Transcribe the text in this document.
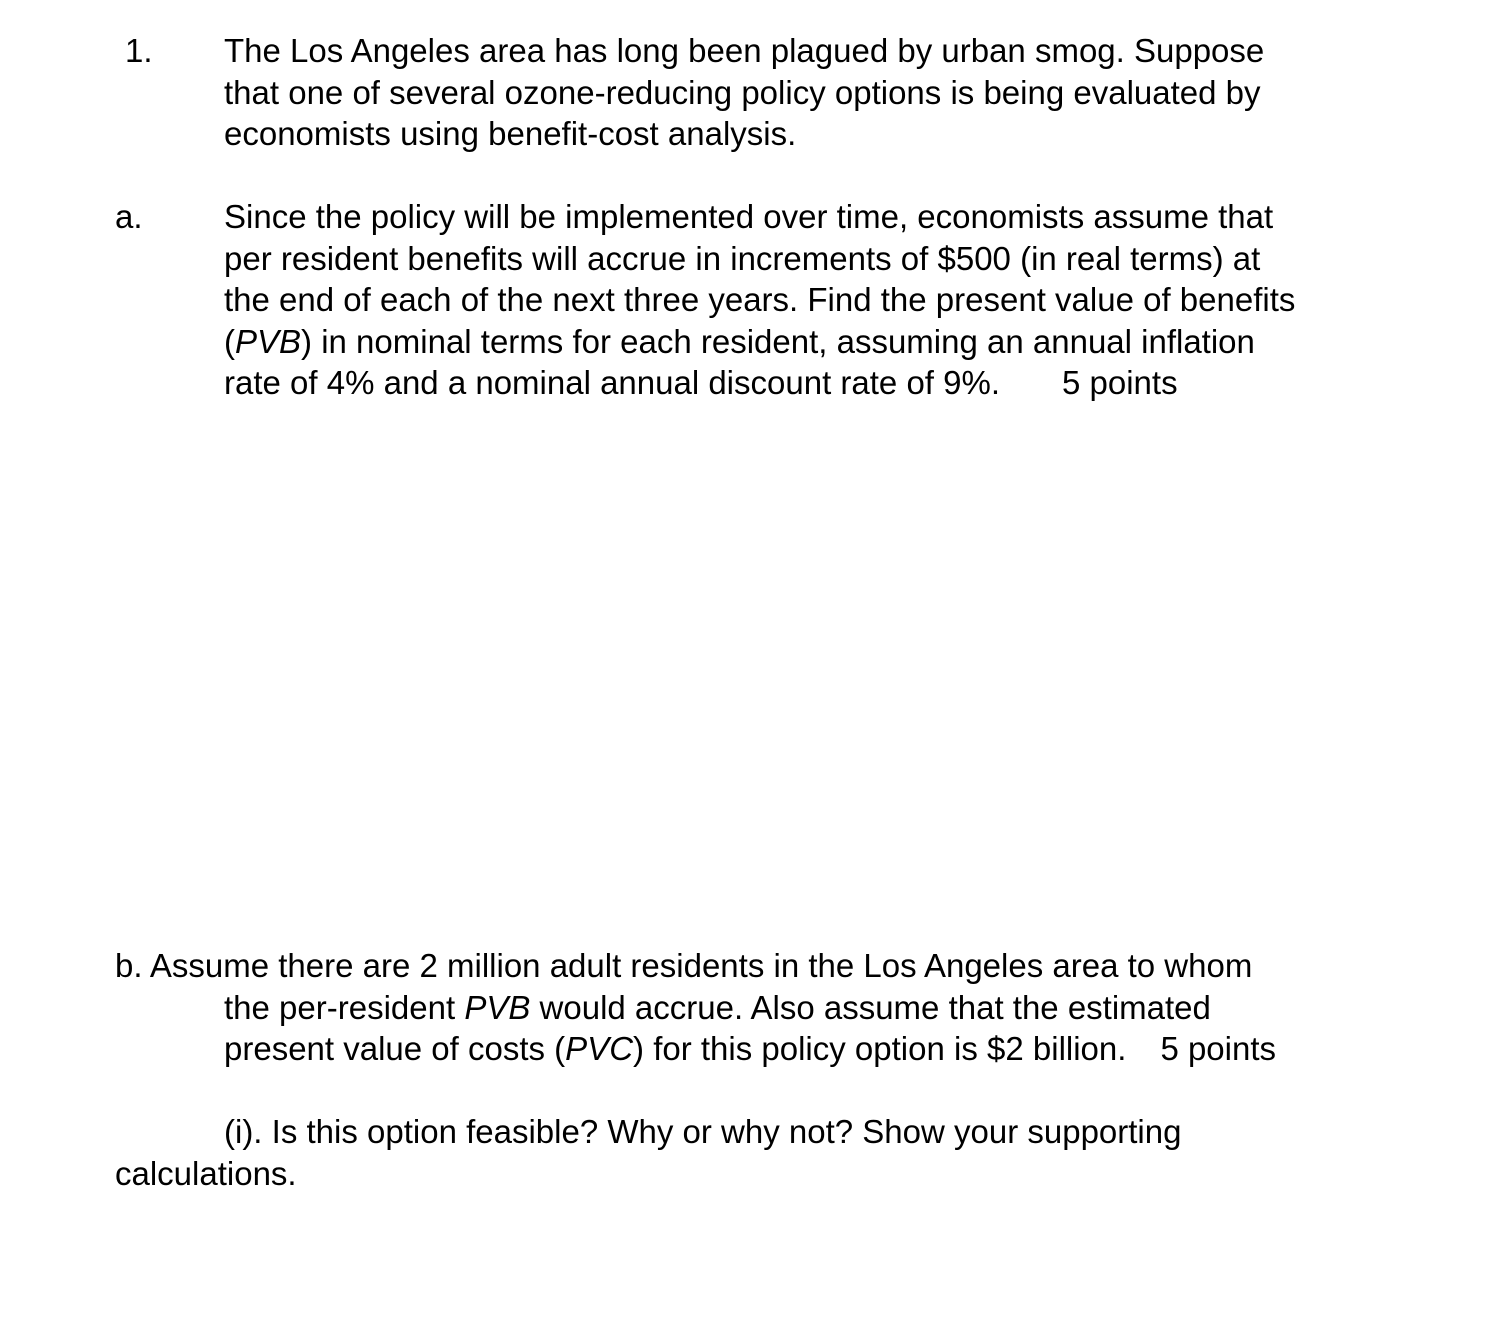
1. The Los Angeles area has long been plagued by urban smog. Suppose
that one of several ozone-reducing policy options is being evaluated by
economists using benefit-cost analysis.
a. Since the policy will be implemented over time, economists assume that
per resident benefits will accrue in increments of $500 (in real terms) at
the end of each of the next three years. Find the present value of benefits
(PVB) in nominal terms for each resident, assuming an annual inflation
rate of 4% and a nominal annual discount rate of 9%. 5 points
b. Assume there are 2 million adult residents in the Los Angeles area to whom
the per-resident PVB would accrue. Also assume that the estimated
present value of costs (PVC) for this policy option is $2 billion. 5 points
(i). Is this option feasible? Why or why not? Show your supporting
calculations.
